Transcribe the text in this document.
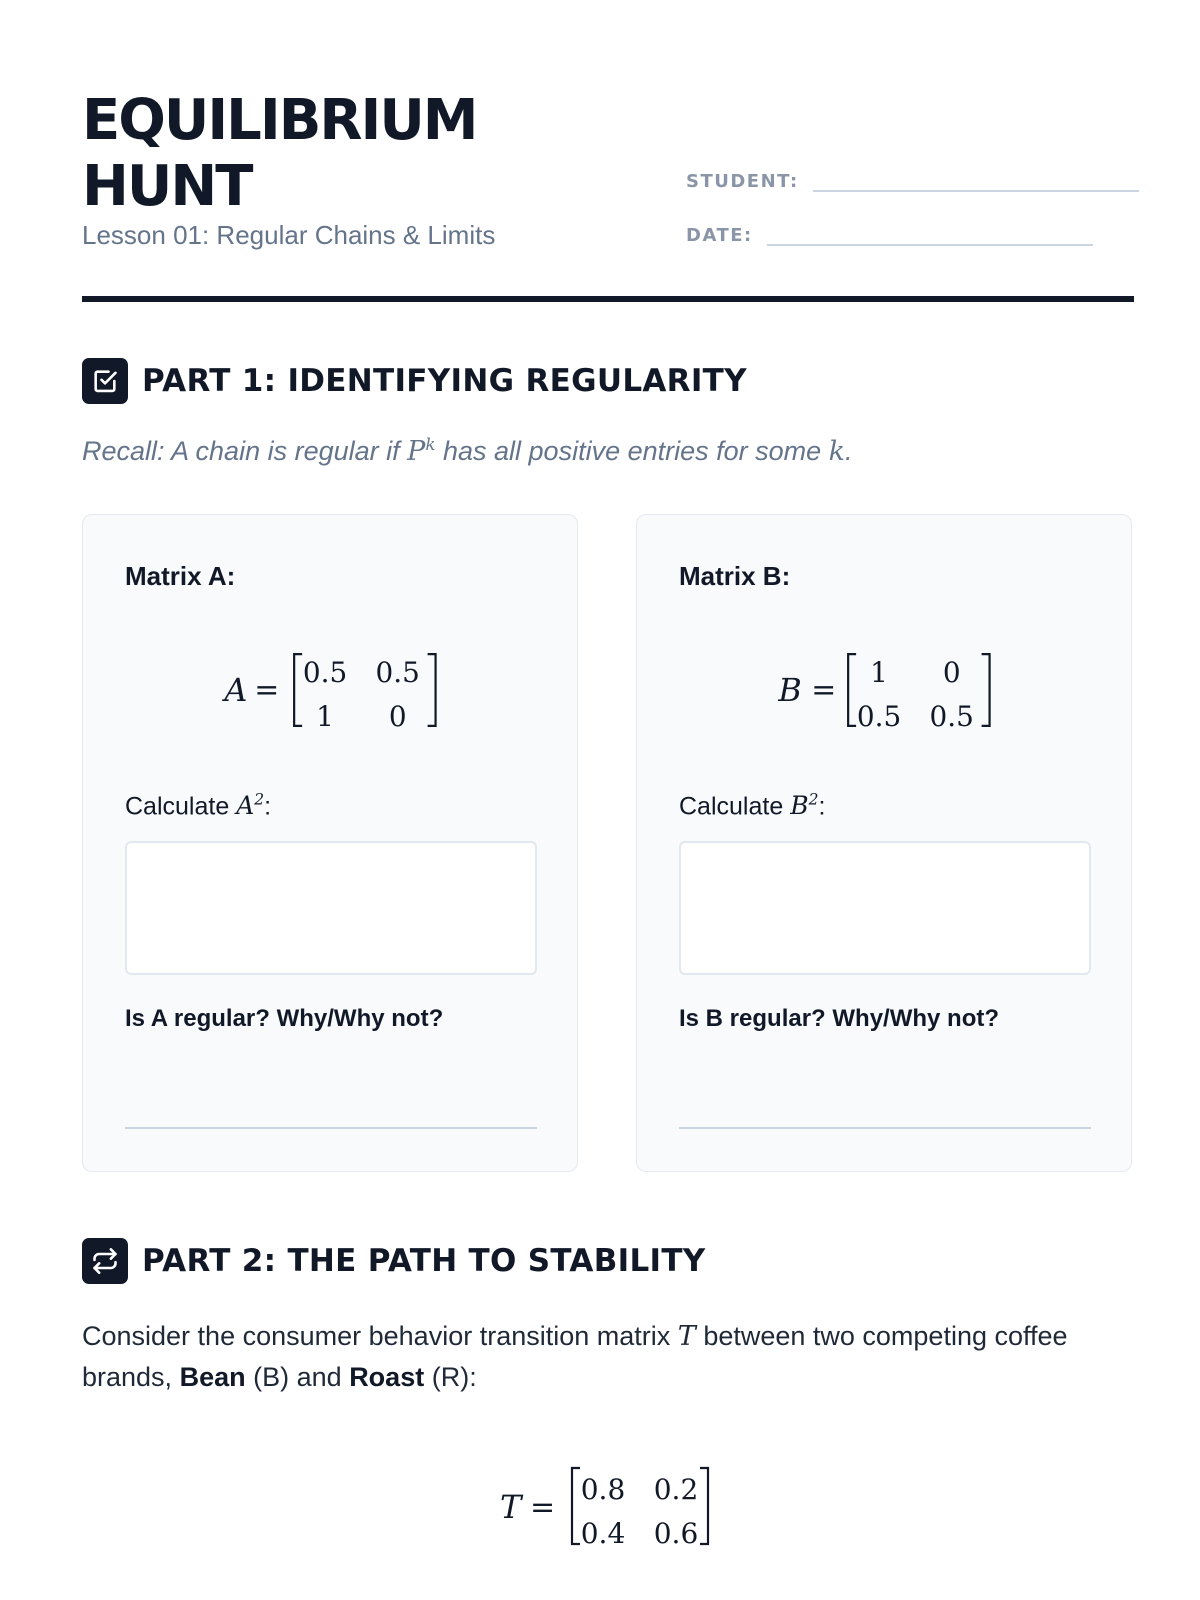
EQUILIBRIUM
HUNT
Lesson 01: Regular Chains & Limits
STUDENT:
DATE:
PART 1: IDENTIFYING REGULARITY
Recall: A chain is regular if $P^k$ has all positive entries for some k.
Matrix A:
A =
0.5 0.5
1 0
Calculate $A^2$:
Is A regular? Why/Why not?
Matrix B:
B =
1 0
0.5 0.5
Calculate $B^2$:
Is B regular? Why/Why not?
PART 2: THE PATH TO STABILITY
Consider the consumer behavior transition matrix T between two competing coffee brands, Bean (B) and Roast (R):
T =
0.8 0.2
0.4 0.6
